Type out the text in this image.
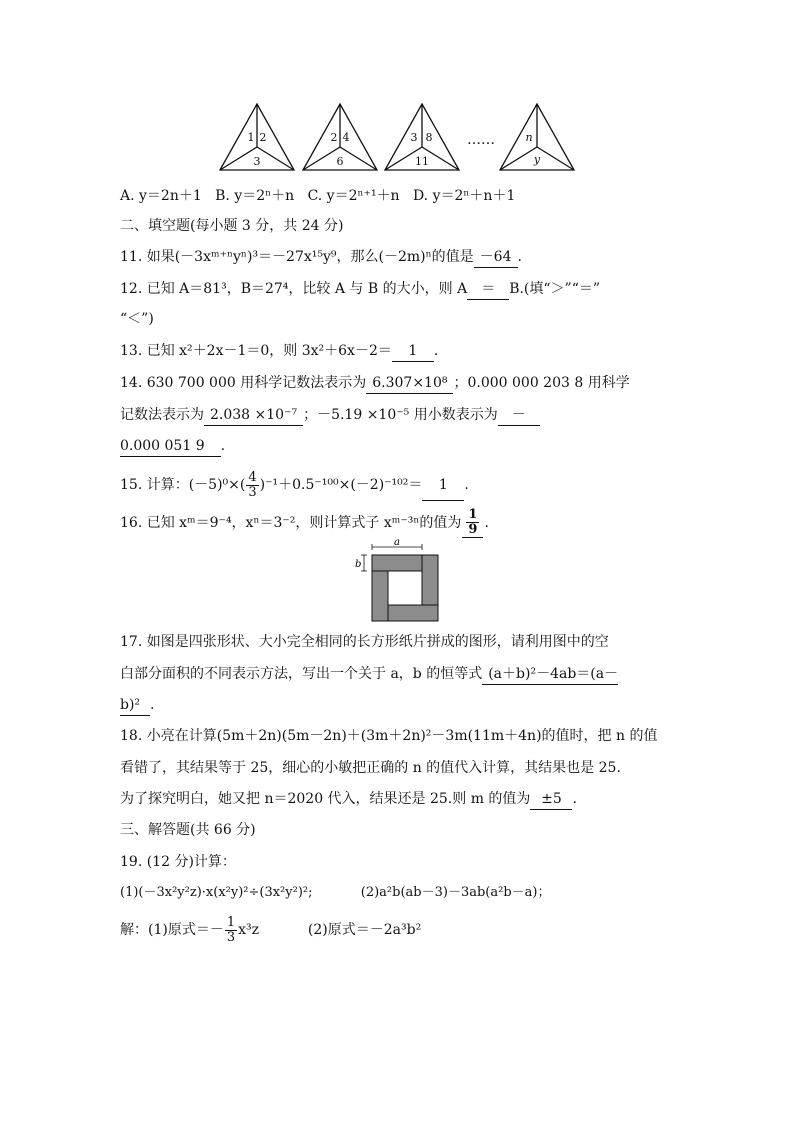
1 2
3
2 4
6
3 8
11
n
y
……
A. y＝2n＋1 B. y＝2ⁿ＋n C. y＝2ⁿ⁺¹＋n D. y＝2ⁿ＋n＋1
二、填空题(每小题 3 分，共 24 分)
11. 如果(－3xᵐ⁺ⁿyⁿ)³＝－27x¹⁵y⁹，那么(－2m)ⁿ的值是 －64 .
12. 已知 A＝81³，B＝27⁴，比较 A 与 B 的大小，则 A ＝ B.(填“＞”“＝”
“＜”)
13. 已知 x²＋2x－1＝0，则 3x²＋6x－2＝ 1 .
14. 630 700 000 用科学记数法表示为 6.307×10⁸ ；0.000 000 203 8 用科学
记数法表示为 2.038 ×10⁻⁷ ；－5.19 ×10⁻⁵ 用小数表示为 －
0.000 051 9 .
15. 计算：$(-5)^0\times( \frac{4}{3} )^{-1}+0.5^{-100}\times(-2)^{-102}= 1$ .
16. 已知 xᵐ＝9⁻⁴，xⁿ＝3⁻²，则计算式子 xᵐ⁻³ⁿ的值为 $\frac{1}{9}$ .
a
b
17. 如图是四张形状、大小完全相同的长方形纸片拼成的图形，请利用图中的空
白部分面积的不同表示方法，写出一个关于 a，b 的恒等式 (a＋b)²－4ab＝(a－
b)² .
18. 小亮在计算(5m＋2n)(5m－2n)＋(3m＋2n)²－3m(11m＋4n)的值时，把 n 的值
看错了，其结果等于 25，细心的小敏把正确的 n 的值代入计算，其结果也是 25.
为了探究明白，她又把 n＝2020 代入，结果还是 25.则 m 的值为 ±5 .
三、解答题(共 66 分)
19. (12 分)计算：
(1)(－3x²y²z)·x(x²y)²÷(3x²y²)²;	(2)a²b(ab－3)－3ab(a²b－a)；
解：(1)原式＝－ $\frac{1}{3} x^3z$	(2)原式＝－2a³b²
